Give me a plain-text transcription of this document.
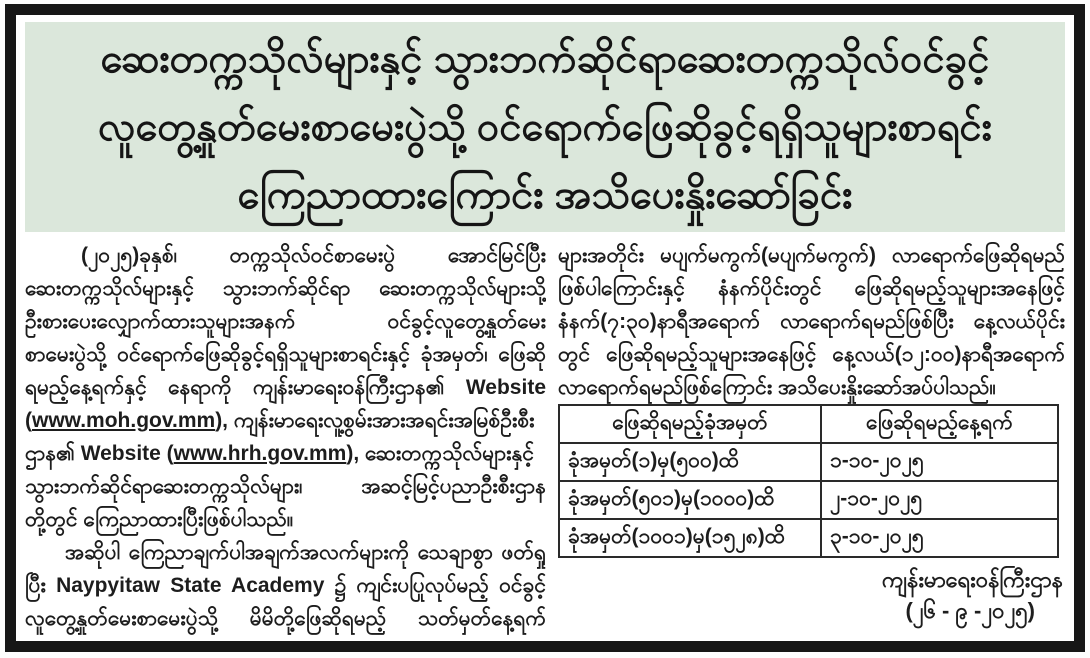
ဆေးတက္ကသိုလ်များနှင့် သွားဘက်ဆိုင်ရာဆေးတက္ကသိုလ်ဝင်ခွင့်
လူတွေ့နှုတ်မေးစာမေးပွဲသို့ ဝင်ရောက်ဖြေဆိုခွင့်ရရှိသူများစာရင်း
ကြေညာထားကြောင်း အသိပေးနှိုးဆော်ခြင်း
(၂၀၂၅)ခုနှစ်၊ တက္ကသိုလ်ဝင်စာမေးပွဲ အောင်မြင်ပြီး
ဆေးတက္ကသိုလ်များနှင့် သွားဘက်ဆိုင်ရာ ဆေးတက္ကသိုလ်များသို့
ဦးစားပေးလျှောက်ထားသူများအနက် ဝင်ခွင့်လူတွေ့နှုတ်မေး
စာမေးပွဲသို့ ဝင်ရောက်ဖြေဆိုခွင့်ရရှိသူများစာရင်းနှင့် ခုံအမှတ်၊ ဖြေဆို
ရမည့်နေ့ရက်နှင့် နေရာကို ကျန်းမာရေးဝန်ကြီးဌာန၏ Website
(www.moh.gov.mm), ကျန်းမာရေးလူ့စွမ်းအားအရင်းအမြစ်ဦးစီး
ဌာန၏ Website (www.hrh.gov.mm), ဆေးတက္ကသိုလ်များနှင့်
သွားဘက်ဆိုင်ရာဆေးတက္ကသိုလ်များ၊ အဆင့်မြင့်ပညာဦးစီးဌာန
တို့တွင် ကြေညာထားပြီးဖြစ်ပါသည်။
အဆိုပါ ကြေညာချက်ပါအချက်အလက်များကို သေချာစွာ ဖတ်ရှု
ပြီး Naypyitaw State Academy ၌ ကျင်းပပြုလုပ်မည့် ဝင်ခွင့်
လူတွေ့နှုတ်မေးစာမေးပွဲသို့ မိမိတို့ဖြေဆိုရမည့် သတ်မှတ်နေ့ရက်
များအတိုင်း မပျက်မကွက်(မပျက်မကွက်) လာရောက်ဖြေဆိုရမည်
ဖြစ်ပါကြောင်းနှင့် နံနက်ပိုင်းတွင် ဖြေဆိုရမည့်သူများအနေဖြင့်
နံနက်(၇:၃၀)နာရီအရောက် လာရောက်ရမည်ဖြစ်ပြီး နေ့လယ်ပိုင်း
တွင် ဖြေဆိုရမည့်သူများအနေဖြင့် နေ့လယ်(၁၂:၀၀)နာရီအရောက်
လာရောက်ရမည်ဖြစ်ကြောင်း အသိပေးနှိုးဆော်အပ်ပါသည်။
ဖြေဆိုရမည့်ခုံအမှတ်	ဖြေဆိုရမည့်နေ့ရက်
ခုံအမှတ်(၁)မှ(၅၀၀)ထိ	၁-၁၀-၂၀၂၅
ခုံအမှတ်(၅၀၁)မှ(၁၀၀၀)ထိ	၂-၁၀-၂၀၂၅
ခုံအမှတ်(၁၀၀၁)မှ(၁၅၂၈)ထိ	၃-၁၀-၂၀၂၅
ကျန်းမာရေးဝန်ကြီးဌာန
(၂၆ - ၉ -၂၀၂၅)
